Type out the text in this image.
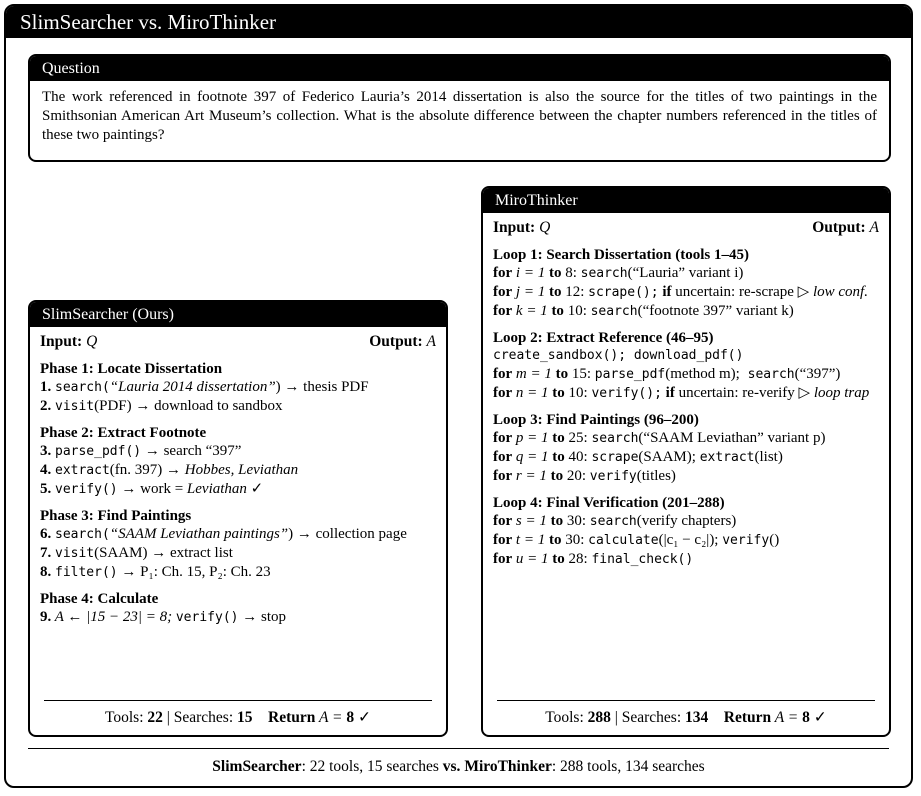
SlimSearcher vs. MiroThinker
Question
The work referenced in footnote 397 of Federico Lauria’s 2014 dissertation is also the source for the titles of two paintings in the Smithsonian American Art Museum’s collection. What is the absolute difference between the chapter numbers referenced in the titles of these two paintings?
SlimSearcher (Ours)
Input: Q	Output: A
Phase 1: Locate Dissertation
1. search(“Lauria 2014 dissertation”) → thesis PDF
2. visit(PDF) → download to sandbox
Phase 2: Extract Footnote
3. parse_pdf() → search “397”
4. extract(fn. 397) → Hobbes, Leviathan
5. verify() → work = Leviathan ✓
Phase 3: Find Paintings
6. search(“SAAM Leviathan paintings”) → collection page
7. visit(SAAM) → extract list
8. filter() → P₁: Ch. 15, P₂: Ch. 23
Phase 4: Calculate
9. A ← |15 − 23| = 8; verify() → stop
Tools: 22 | Searches: 15 Return A = 8 ✓
MiroThinker
Input: Q	Output: A
Loop 1: Search Dissertation (tools 1–45)
for i = 1 to 8: search(“Lauria” variant i)
for j = 1 to 12: scrape(); if uncertain: re-scrape ▷ low conf.
for k = 1 to 10: search(“footnote 397” variant k)
Loop 2: Extract Reference (46–95)
create_sandbox(); download_pdf()
for m = 1 to 15: parse_pdf(method m); search(“397”)
for n = 1 to 10: verify(); if uncertain: re-verify ▷ loop trap
Loop 3: Find Paintings (96–200)
for p = 1 to 25: search(“SAAM Leviathan” variant p)
for q = 1 to 40: scrape(SAAM); extract(list)
for r = 1 to 20: verify(titles)
Loop 4: Final Verification (201–288)
for s = 1 to 30: search(verify chapters)
for t = 1 to 30: calculate(|c₁ − c₂|); verify()
for u = 1 to 28: final_check()
Tools: 288 | Searches: 134 Return A = 8 ✓
SlimSearcher: 22 tools, 15 searches vs. MiroThinker: 288 tools, 134 searches
